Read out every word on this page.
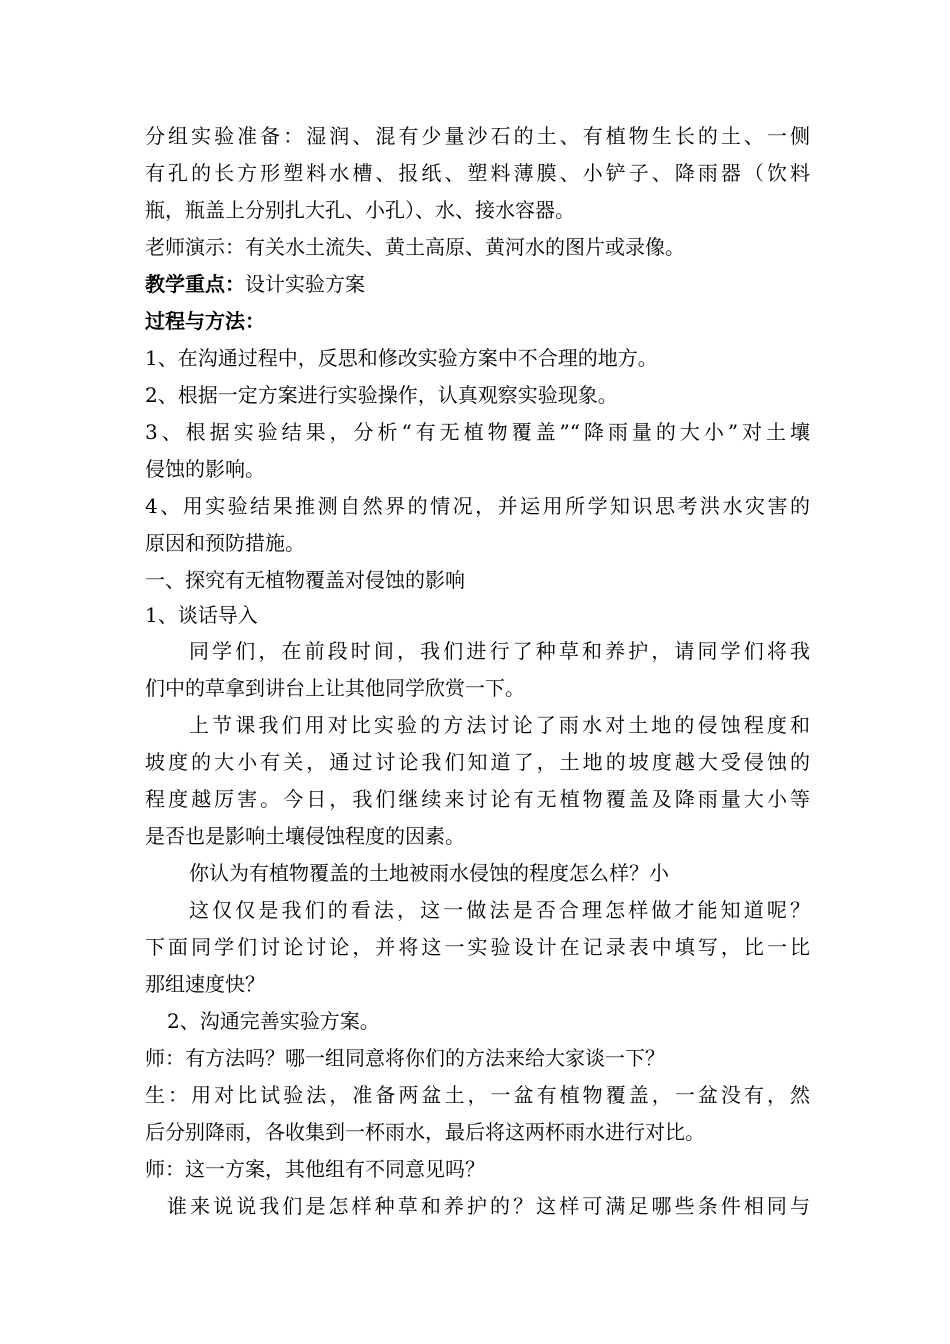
分组实验准备：湿润、混有少量沙石的土、有植物生长的土、一侧
有孔的长方形塑料水槽、报纸、塑料薄膜、小铲子、降雨器（饮料
瓶，瓶盖上分别扎大孔、小孔）、水、接水容器。
老师演示：有关水土流失、黄土高原、黄河水的图片或录像。
教学重点：设计实验方案
过程与方法：
1、在沟通过程中，反思和修改实验方案中不合理的地方。
2、根据一定方案进行实验操作，认真观察实验现象。
3、根据实验结果，分析“有无植物覆盖”“降雨量的大小”对土壤
侵蚀的影响。
4、用实验结果推测自然界的情况，并运用所学知识思考洪水灾害的
原因和预防措施。
一、探究有无植物覆盖对侵蚀的影响
1、谈话导入
同学们，在前段时间，我们进行了种草和养护，请同学们将我
们中的草拿到讲台上让其他同学欣赏一下。
上节课我们用对比实验的方法讨论了雨水对土地的侵蚀程度和
坡度的大小有关，通过讨论我们知道了，土地的坡度越大受侵蚀的
程度越厉害。今日，我们继续来讨论有无植物覆盖及降雨量大小等
是否也是影响土壤侵蚀程度的因素。
你认为有植物覆盖的土地被雨水侵蚀的程度怎么样？小
这仅仅是我们的看法，这一做法是否合理怎样做才能知道呢？
下面同学们讨论讨论，并将这一实验设计在记录表中填写，比一比
那组速度快？
2、沟通完善实验方案。
师：有方法吗？哪一组同意将你们的方法来给大家谈一下？
生：用对比试验法，准备两盆土，一盆有植物覆盖，一盆没有，然
后分别降雨，各收集到一杯雨水，最后将这两杯雨水进行对比。
师：这一方案，其他组有不同意见吗？
谁来说说我们是怎样种草和养护的？这样可满足哪些条件相同与
